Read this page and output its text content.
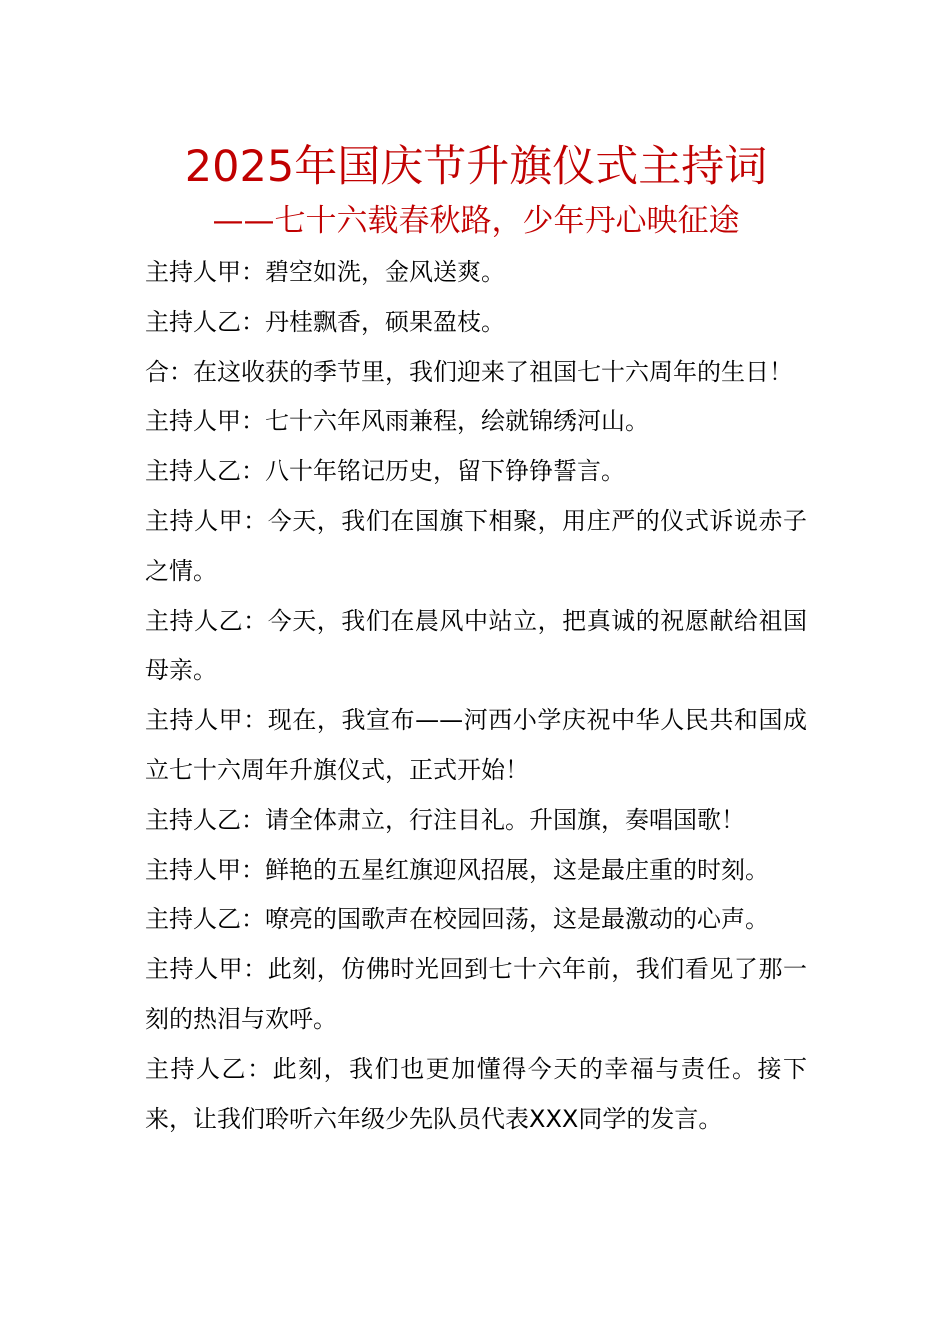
2025年国庆节升旗仪式主持词
——七十六载春秋路，少年丹心映征途

主持人甲：碧空如洗，金风送爽。

主持人乙：丹桂飘香，硕果盈枝。

合：在这收获的季节里，我们迎来了祖国七十六周年的生日！

主持人甲：七十六年风雨兼程，绘就锦绣河山。

主持人乙：八十年铭记历史，留下铮铮誓言。

主持人甲：今天，我们在国旗下相聚，用庄严的仪式诉说赤子之情。

主持人乙：今天，我们在晨风中站立，把真诚的祝愿献给祖国母亲。

主持人甲：现在，我宣布——河西小学庆祝中华人民共和国成立七十六周年升旗仪式，正式开始！

主持人乙：请全体肃立，行注目礼。升国旗，奏唱国歌！

主持人甲：鲜艳的五星红旗迎风招展，这是最庄重的时刻。

主持人乙：嘹亮的国歌声在校园回荡，这是最激动的心声。

主持人甲：此刻，仿佛时光回到七十六年前，我们看见了那一刻的热泪与欢呼。

主持人乙：此刻，我们也更加懂得今天的幸福与责任。接下来，让我们聆听六年级少先队员代表XXX同学的发言。
